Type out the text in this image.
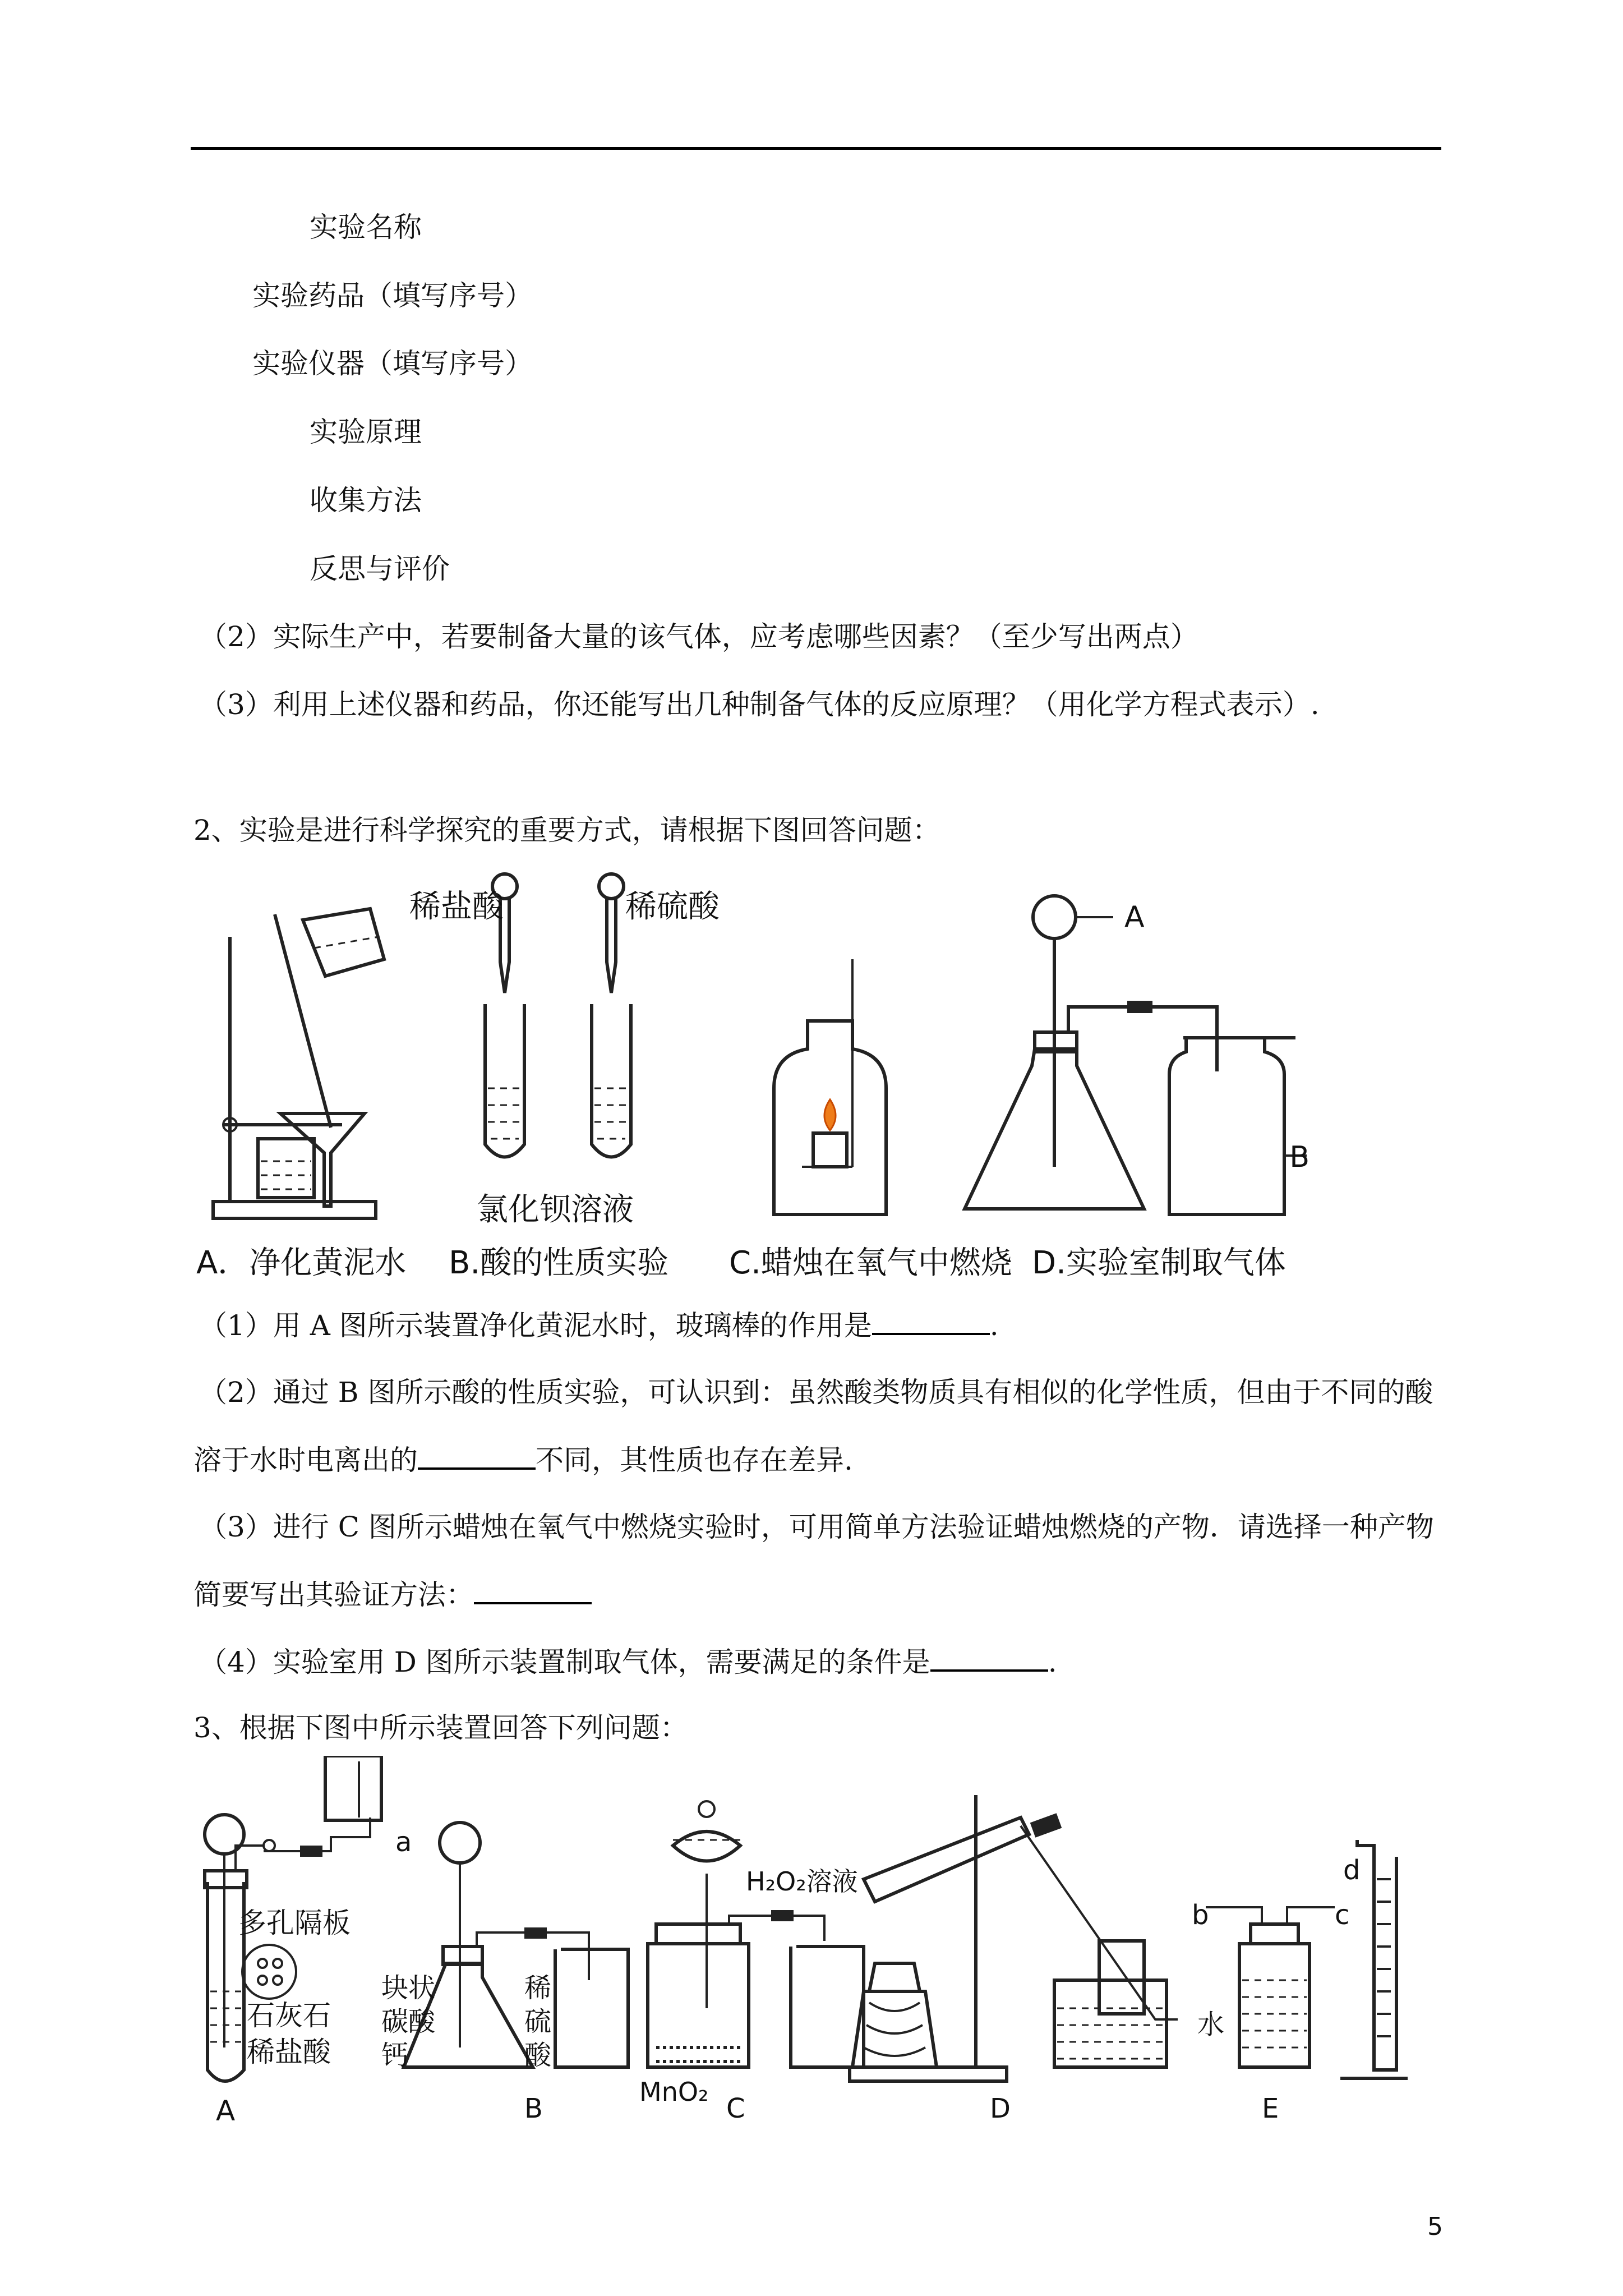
实验名称
实验药品（填写序号）
实验仪器（填写序号）
实验原理
收集方法
反思与评价
（2）实际生产中，若要制备大量的该气体，应考虑哪些因素？（至少写出两点）
（3）利用上述仪器和药品，你还能写出几种制备气体的反应原理？（用化学方程式表示）.
2、实验是进行科学探究的重要方式，请根据下图回答问题：
稀盐酸	稀硫酸
氯化钡溶液
A
B
A．净化黄泥水 B.酸的性质实验 C.蜡烛在氧气中燃烧 D.实验室制取气体
（1）用 A 图所示装置净化黄泥水时，玻璃棒的作用是	.
（2）通过 B 图所示酸的性质实验，可认识到：虽然酸类物质具有相似的化学性质，但由于不同的酸
溶于水时电离出的	不同，其性质也存在差异.
（3）进行 C 图所示蜡烛在氧气中燃烧实验时，可用简单方法验证蜡烛燃烧的产物．请选择一种产物
简要写出其验证方法：
（4）实验室用 D 图所示装置制取气体，需要满足的条件是	.
3、根据下图中所示装置回答下列问题：
多孔隔板
石灰石
稀盐酸
A
a
块状
碳酸
钙
稀
硫
酸
B
H₂O₂溶液
MnO₂
C	D
b	c
d
水
E
5
